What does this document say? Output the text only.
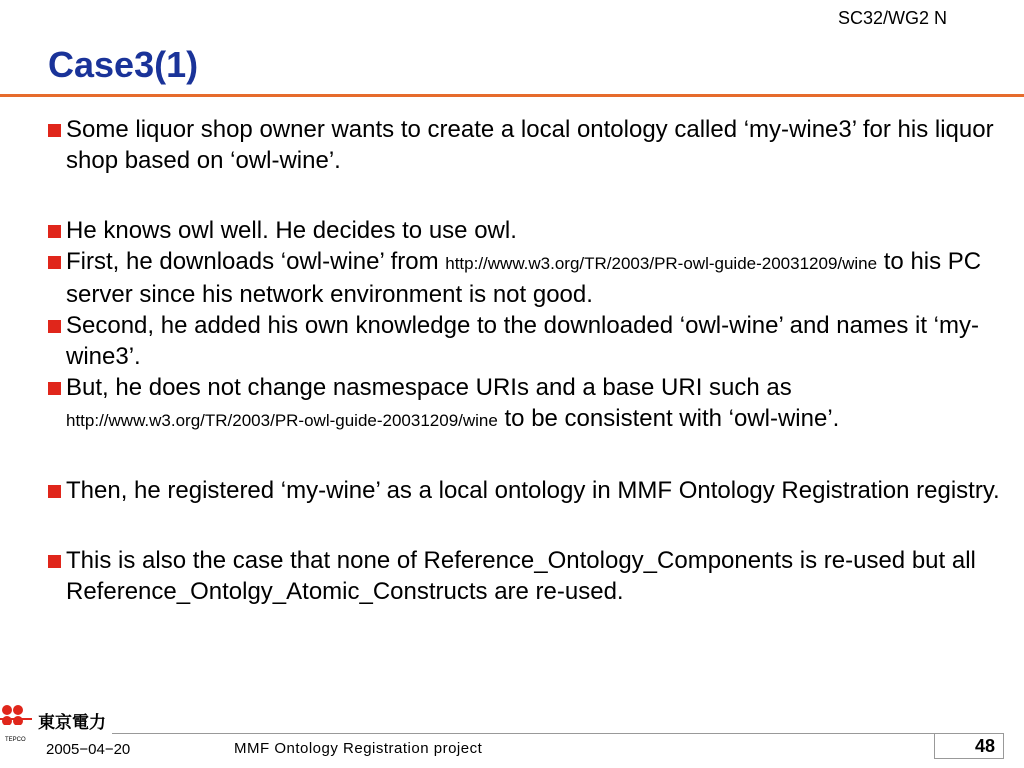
SC32/WG2 N
Case3(1)

Some liquor shop owner wants to create a local ontology called ‘my-wine3’ for his liquor shop based on ‘owl-wine’.

He knows owl well. He decides to use owl.

First, he downloads ‘owl-wine’ from http://www.w3.org/TR/2003/PR-owl-guide-20031209/wine to his PC server since his network environment is not good.

Second, he added his own knowledge to the downloaded ‘owl-wine’ and names it ‘my-wine3’.

But, he does not change nasmespace URIs and a base URI such as http://www.w3.org/TR/2003/PR-owl-guide-20031209/wine to be consistent with ‘owl-wine’.

Then, he registered ‘my-wine’ as a local ontology in MMF Ontology Registration registry.

This is also the case that none of Reference_Ontology_Components is re-used but all Reference_Ontolgy_Atomic_Constructs are re-used.

TEPCO
東京電力
2005−04−20	MMF Ontology Registration project	48
